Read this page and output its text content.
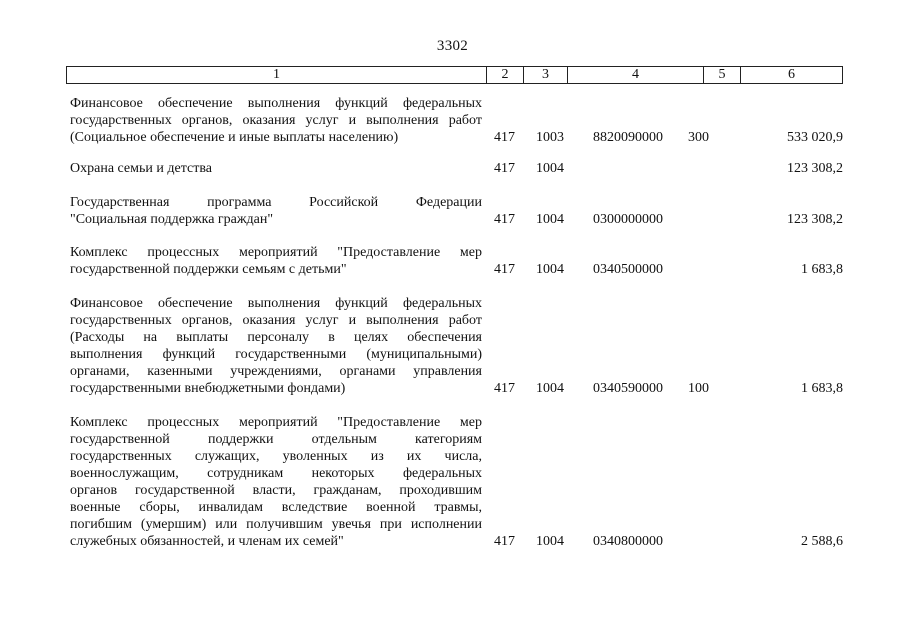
3302
1	2	3	4	5	6
Финансовое обеспечение выполнения функций федеральных
государственных органов, оказания услуг и выполнения работ
(Социальное обеспечение и иные выплаты населению)	417 1003 8820090000 300	533 020,9
Охрана семьи и детства	417 1004	123 308,2
Государственная программа Российской Федерации
"Социальная поддержка граждан"	417 1004 0300000000	123 308,2
Комплекс процессных мероприятий "Предоставление мер
государственной поддержки семьям с детьми"	417 1004 0340500000	1 683,8
Финансовое обеспечение выполнения функций федеральных
государственных органов, оказания услуг и выполнения работ
(Расходы на выплаты персоналу в целях обеспечения
выполнения функций государственными (муниципальными)
органами, казенными учреждениями, органами управления
государственными внебюджетными фондами)	417 1004 0340590000 100	1 683,8
Комплекс процессных мероприятий "Предоставление мер
государственной поддержки отдельным категориям
государственных служащих, уволенных из их числа,
военнослужащим, сотрудникам некоторых федеральных
органов государственной власти, гражданам, проходившим
военные сборы, инвалидам вследствие военной травмы,
погибшим (умершим) или получившим увечья при исполнении
служебных обязанностей, и членам их семей"	417 1004 0340800000	2 588,6
